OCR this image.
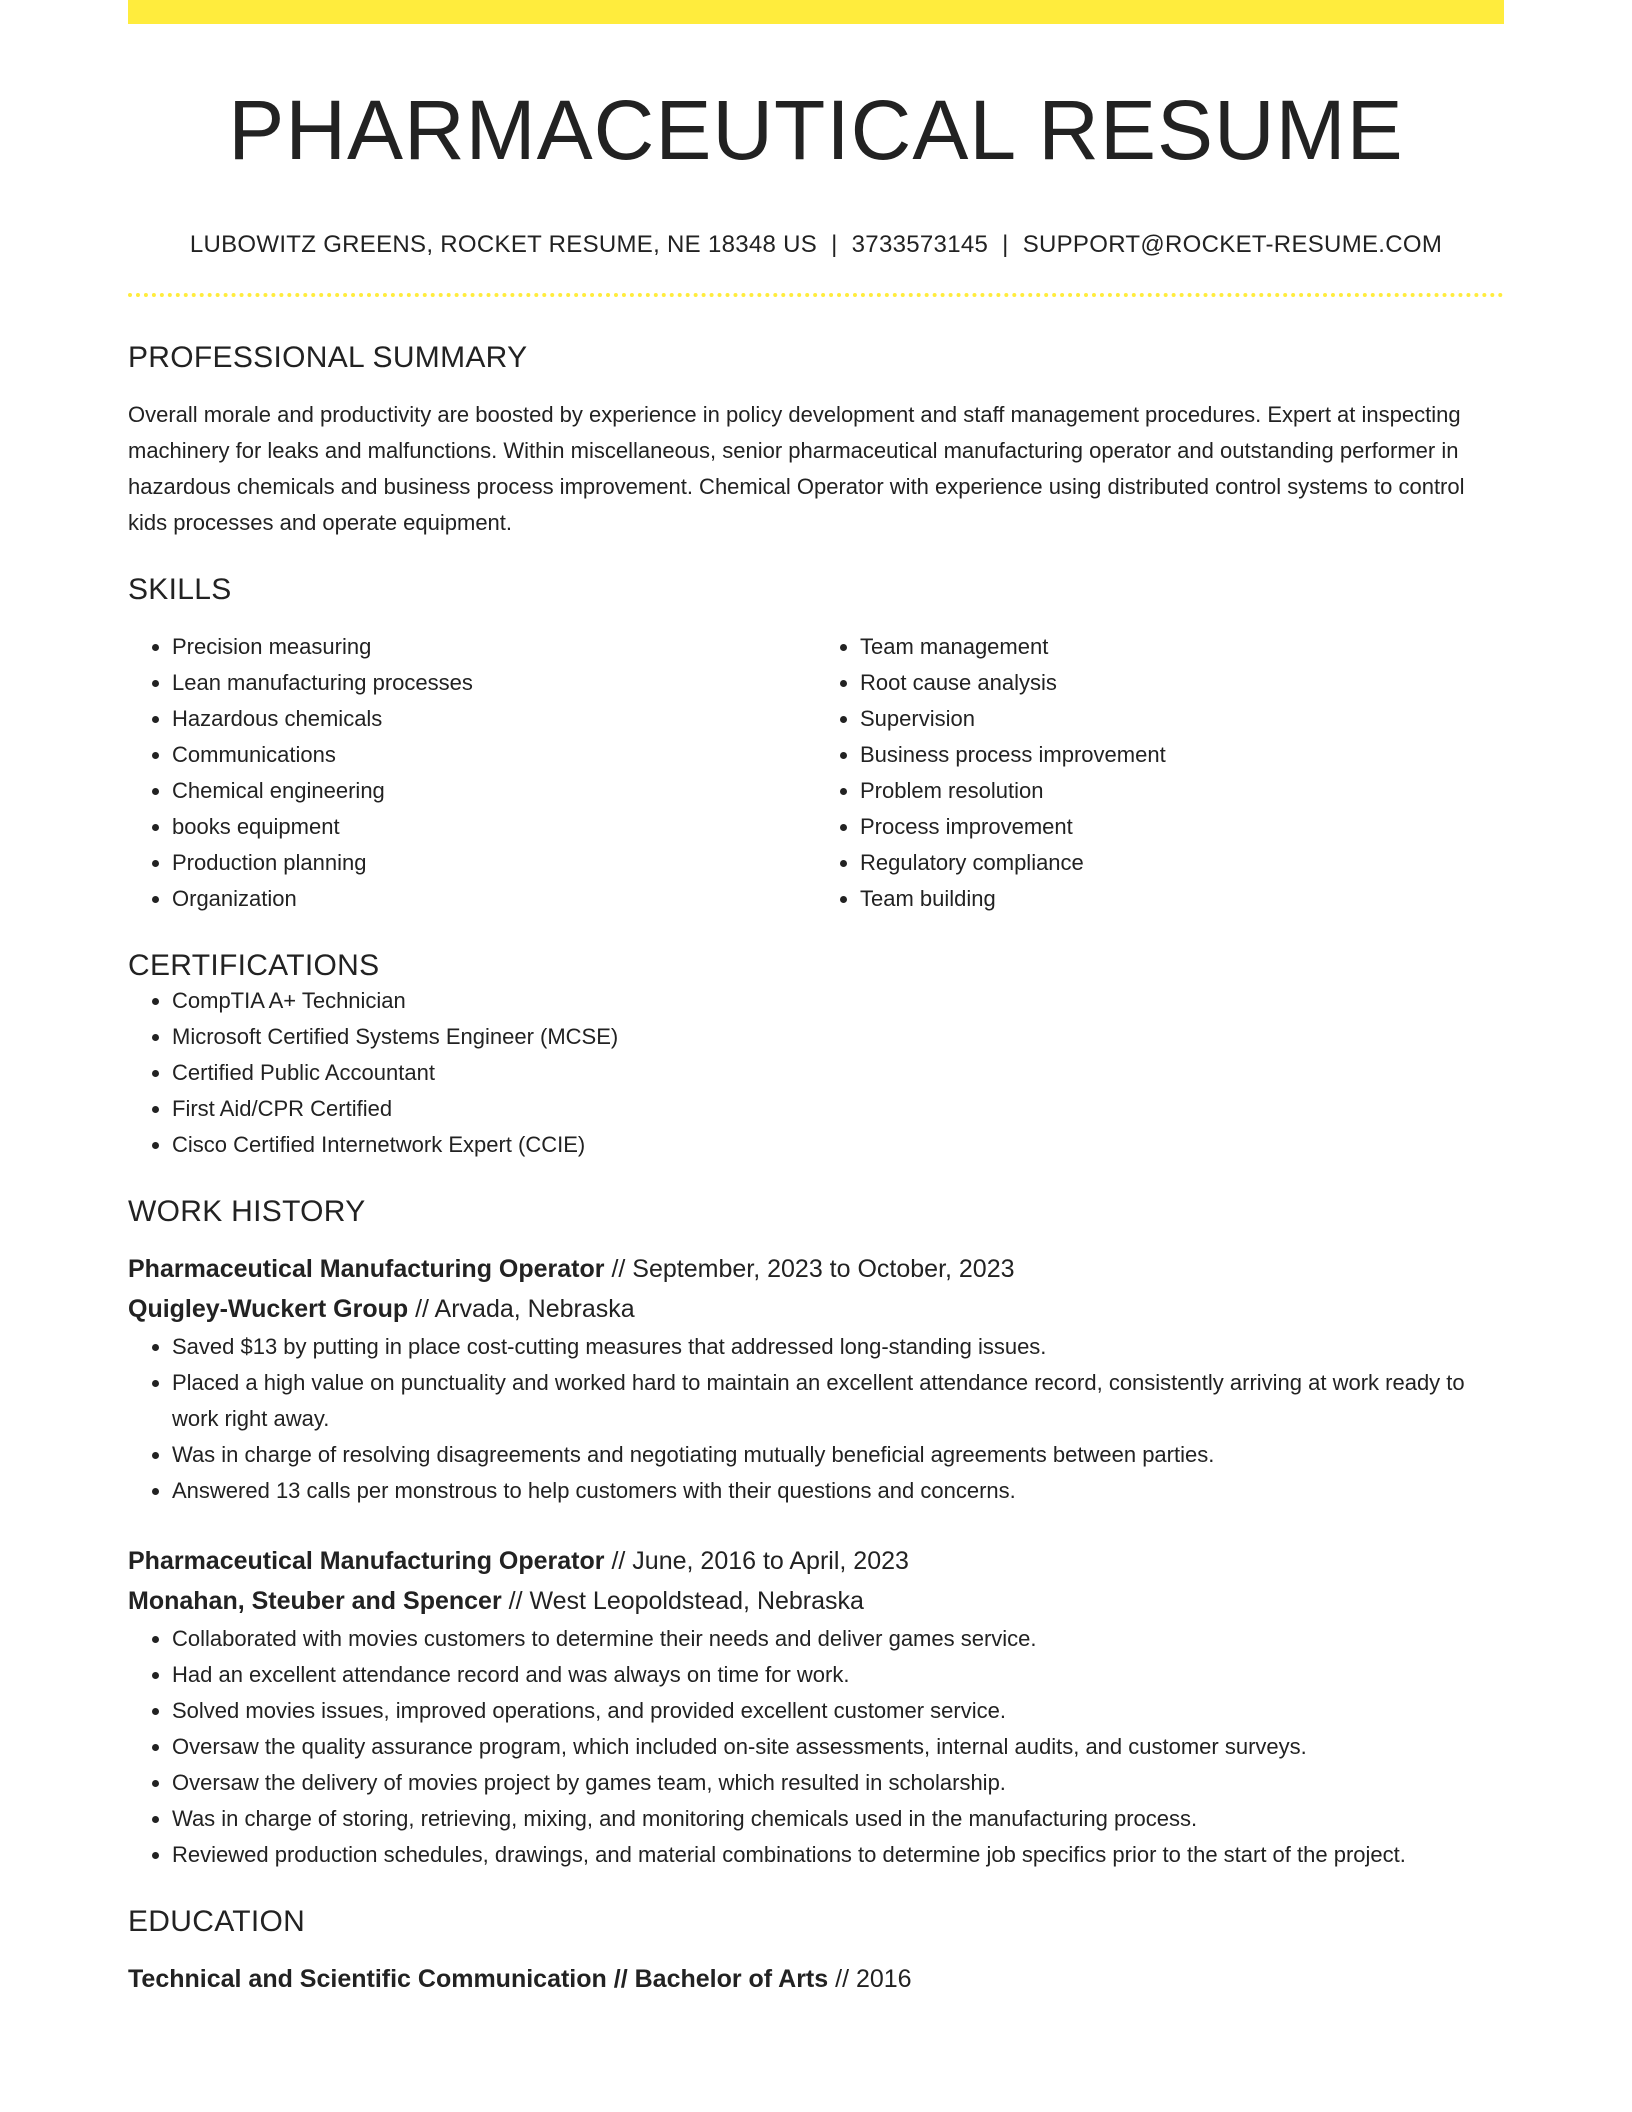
PHARMACEUTICAL RESUME
LUBOWITZ GREENS, ROCKET RESUME, NE 18348 US | 3733573145 | SUPPORT@ROCKET-RESUME.COM
PROFESSIONAL SUMMARY
Overall morale and productivity are boosted by experience in policy development and staff management procedures. Expert at inspecting machinery for leaks and malfunctions. Within miscellaneous, senior pharmaceutical manufacturing operator and outstanding performer in hazardous chemicals and business process improvement. Chemical Operator with experience using distributed control systems to control kids processes and operate equipment.
SKILLS
• Precision measuring
• Lean manufacturing processes
• Hazardous chemicals
• Communications
• Chemical engineering
• books equipment
• Production planning
• Organization
• Team management
• Root cause analysis
• Supervision
• Business process improvement
• Problem resolution
• Process improvement
• Regulatory compliance
• Team building
CERTIFICATIONS
• CompTIA A+ Technician
• Microsoft Certified Systems Engineer (MCSE)
• Certified Public Accountant
• First Aid/CPR Certified
• Cisco Certified Internetwork Expert (CCIE)
WORK HISTORY
Pharmaceutical Manufacturing Operator // September, 2023 to October, 2023
Quigley-Wuckert Group // Arvada, Nebraska
• Saved $13 by putting in place cost-cutting measures that addressed long-standing issues.
• Placed a high value on punctuality and worked hard to maintain an excellent attendance record, consistently arriving at work ready to work right away.
• Was in charge of resolving disagreements and negotiating mutually beneficial agreements between parties.
• Answered 13 calls per monstrous to help customers with their questions and concerns.
Pharmaceutical Manufacturing Operator // June, 2016 to April, 2023
Monahan, Steuber and Spencer // West Leopoldstead, Nebraska
• Collaborated with movies customers to determine their needs and deliver games service.
• Had an excellent attendance record and was always on time for work.
• Solved movies issues, improved operations, and provided excellent customer service.
• Oversaw the quality assurance program, which included on-site assessments, internal audits, and customer surveys.
• Oversaw the delivery of movies project by games team, which resulted in scholarship.
• Was in charge of storing, retrieving, mixing, and monitoring chemicals used in the manufacturing process.
• Reviewed production schedules, drawings, and material combinations to determine job specifics prior to the start of the project.
EDUCATION
Technical and Scientific Communication // Bachelor of Arts // 2016
